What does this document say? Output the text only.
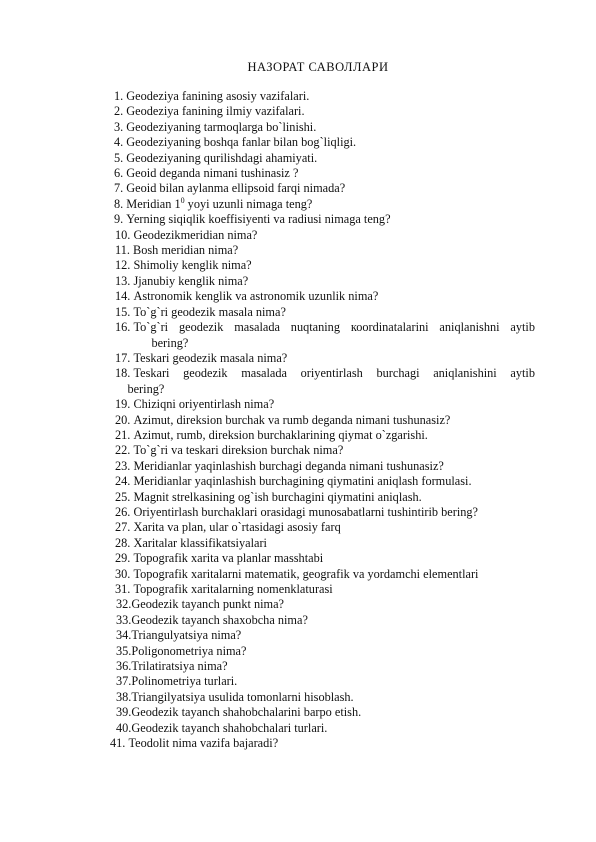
НАЗОРАТ САВОЛЛАРИ
1. Geodeziya fanining asosiy vazifalari.
2. Geodeziya fanining ilmiy vazifalari.
3. Geodeziyaning tarmoqlarga bo`linishi.
4. Geodeziyaning boshqa fanlar bilan bog`liqligi.
5. Geodeziyaning qurilishdagi ahamiyati.
6. Geoid deganda nimani tushinasiz ?
7. Geoid bilan aylanma ellipsoid farqi nimada?
8. Meridian $1^0$ yoyi uzunli nimaga teng?
9. Yerning siqiqlik koeffisiyenti va radiusi nimaga teng?
10. Geodezikmeridian nima?
11. Bosh meridian nima?
12. Shimoliy kenglik nima?
13. Jjanubiy kenglik nima?
14. Astronomik kenglik va astronomik uzunlik nima?
15. To`g`ri geodezik masala nima?
16. To`g`ri geodezik masalada nuqtaning коordinatalarini aniqlanishni aytib
bering?
17. Teskari geodezik masala nima?
18. Teskari geodezik masalada oriyentirlash burchagi aniqlanishini aytib
bering?
19. Chiziqni oriyentirlash nima?
20. Azimut, direksion burchak va rumb deganda nimani tushunasiz?
21. Azimut, rumb, direksion burchaklarining qiymat o`zgarishi.
22. To`g`ri va teskari direksion burchak nima?
23. Meridianlar yaqinlashish burchagi deganda nimani tushunasiz?
24. Meridianlar yaqinlashish burchagining qiymatini aniqlash formulasi.
25. Magnit strelkasining og`ish burchagini qiymatini aniqlash.
26. Oriyentirlash burchaklari orasidagi munosabatlarni tushintirib bering?
27. Xarita va plan, ular o`rtasidagi asosiy farq
28. Xaritalar klassifikatsiyalari
29. Topografik xarita va planlar masshtabi
30. Topografik xaritalarni matematik, geografik va yordamchi elementlari
31. Topografik xaritalarning nomenklaturasi
32. Geodezik tayanch punkt nima?
33. Geodezik tayanch shaxobcha nima?
34. Triangulyatsiya nima?
35. Poligonometriya nima?
36. Trilatiratsiya nima?
37. Polinometriya turlari.
38. Triangilyatsiya usulida tomonlarni hisoblash.
39. Geodezik tayanch shahobchalarini barpo etish.
40. Geodezik tayanch shahobchalari turlari.
41. Teodolit nima vazifa bajaradi?
